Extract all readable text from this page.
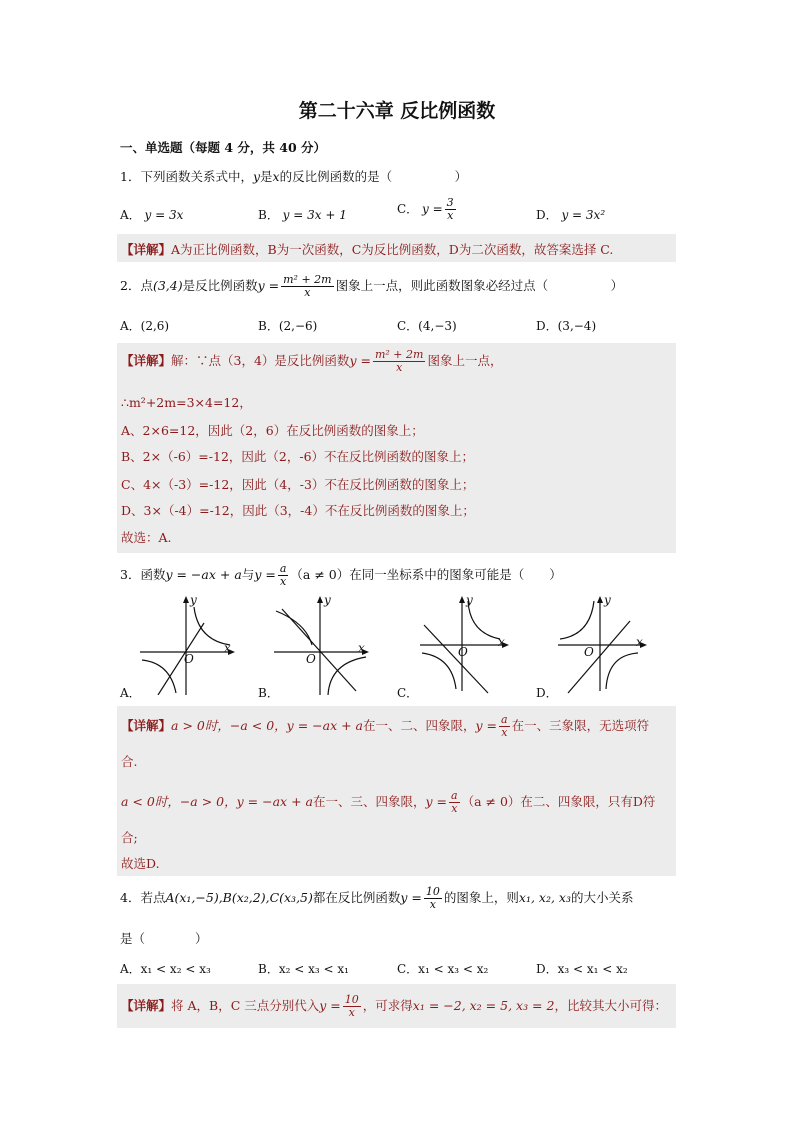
第二十六章 反比例函数
一、单选题（每题 4 分，共 40 分）
1．下列函数关系式中，y是x的反比例函数的是（　　　　　）
A． y = 3x	B． y = 3x + 1	C． $y = \frac{3}{x}$	D． y = 3x²
【详解】A为正比例函数，B为一次函数，C为反比例函数，D为二次函数，故答案选择 C.
2．点(3,4)是反比例函数$y = \frac{\text{m² + 2m}}{x}$ 图象上一点，则此函数图象必经过点（　　　　　）
A．(2,6)	B．(2,−6)	C．(4,−3)	D．(3,−4)
【详解】解：∵点（3，4）是反比例函数$y = \frac{\text{m² + 2m}}{x}$ 图象上一点，
∴m²+2m=3×4=12，
A、2×6=12，因此（2，6）在反比例函数的图象上；
B、2×（-6）=-12，因此（2，-6）不在反比例函数的图象上；
C、4×（-3）=-12，因此（4，-3）不在反比例函数的图象上；
D、3×（-4）=-12，因此（3，-4）不在反比例函数的图象上；
故选：A.
3．函数y = −ax + a与$y = \frac{a}{x} (a \ne 0)$在同一坐标系中的图象可能是（　　）
y
x
O
y
x
O
y
x
O
y
x
O
A．	B．	C．	D．
【详解】a > 0时，−a < 0，y = −ax + a在一、二、四象限，$y = \frac{a}{x}$ 在一、三象限，无选项符
合.
a < 0时，−a > 0，y = −ax + a在一、三、四象限，$y = \frac{a}{x} (a \ne 0)$在二、四象限，只有D符
合;
故选D.
4．若点A(x₁,−5),B(x₂,2),C(x₃,5)都在反比例函数$y = \frac{10}{x}$ 的图象上，则x₁, x₂, x₃的大小关系
是（　　　　）
A．x₁ < x₂ < x₃	B．x₂ < x₃ < x₁	C．x₁ < x₃ < x₂	D．x₃ < x₁ < x₂
【详解】将 A，B，C 三点分别代入$y = \frac{10}{x}$ ，可求得x₁ = −2, x₂ = 5, x₃ = 2，比较其大小可得：
